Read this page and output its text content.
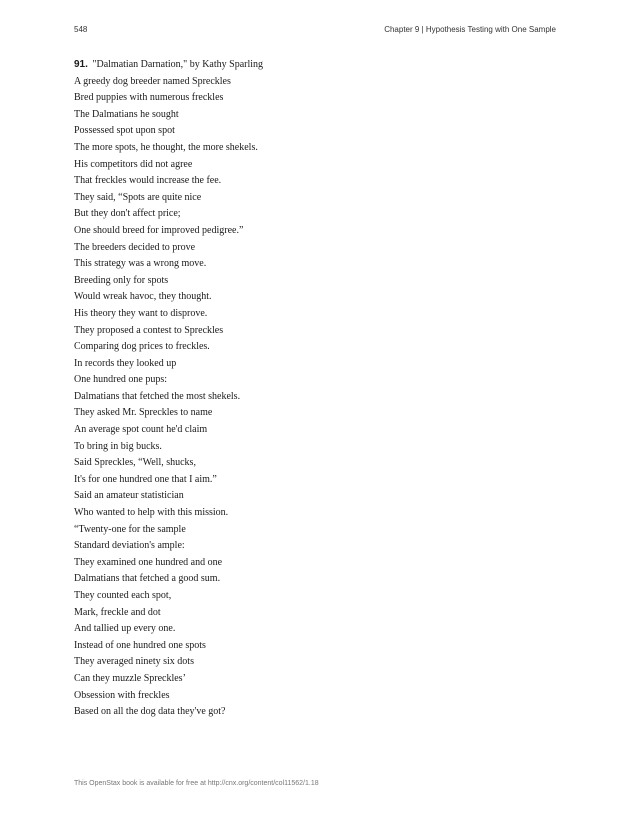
548	Chapter 9 | Hypothesis Testing with One Sample
91. "Dalmatian Darnation," by Kathy Sparling
A greedy dog breeder named Spreckles
Bred puppies with numerous freckles
The Dalmatians he sought
Possessed spot upon spot
The more spots, he thought, the more shekels.
His competitors did not agree
That freckles would increase the fee.
They said, “Spots are quite nice
But they don't affect price;
One should breed for improved pedigree.”
The breeders decided to prove
This strategy was a wrong move.
Breeding only for spots
Would wreak havoc, they thought.
His theory they want to disprove.
They proposed a contest to Spreckles
Comparing dog prices to freckles.
In records they looked up
One hundred one pups:
Dalmatians that fetched the most shekels.
They asked Mr. Spreckles to name
An average spot count he'd claim
To bring in big bucks.
Said Spreckles, “Well, shucks,
It's for one hundred one that I aim.”
Said an amateur statistician
Who wanted to help with this mission.
“Twenty-one for the sample
Standard deviation's ample:
They examined one hundred and one
Dalmatians that fetched a good sum.
They counted each spot,
Mark, freckle and dot
And tallied up every one.
Instead of one hundred one spots
They averaged ninety six dots
Can they muzzle Spreckles’
Obsession with freckles
Based on all the dog data they've got?
This OpenStax book is available for free at http://cnx.org/content/col11562/1.18
